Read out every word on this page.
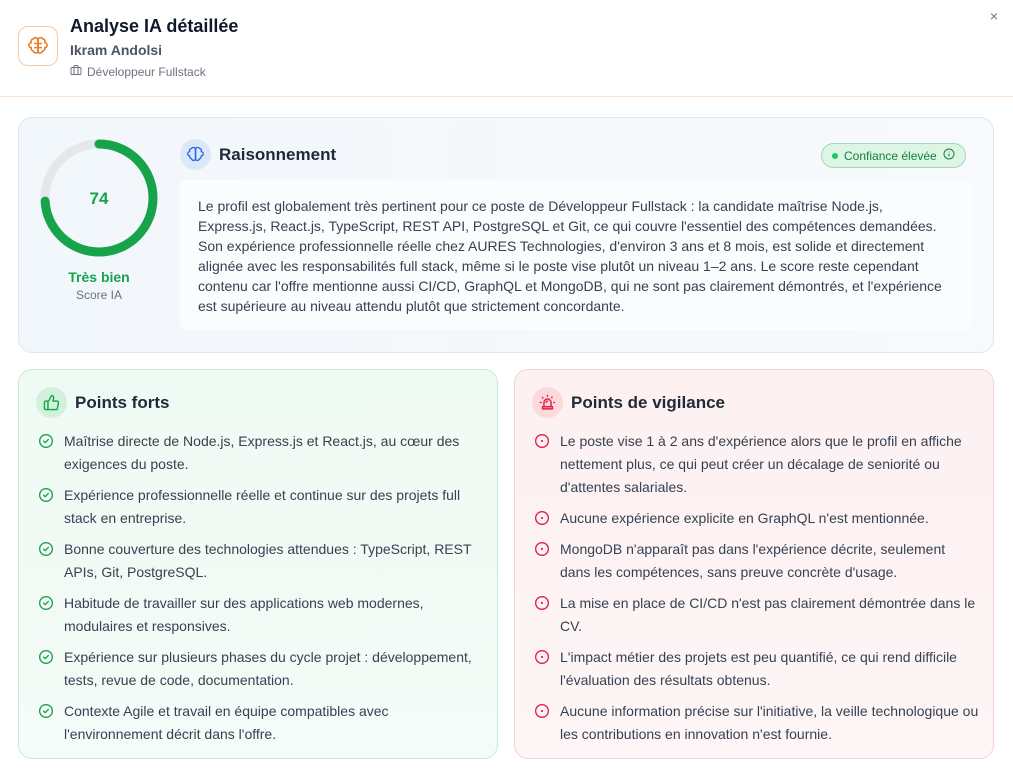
Analyse IA détaillée
Ikram Andolsi
Développeur Fullstack
×
74
Très bien
Score IA
Raisonnement	Confiance élevée
Le profil est globalement très pertinent pour ce poste de Développeur Fullstack : la candidate maîtrise Node.js, Express.js, React.js, TypeScript, REST API, PostgreSQL et Git, ce qui couvre l'essentiel des compétences demandées. Son expérience professionnelle réelle chez AURES Technologies, d'environ 3 ans et 8 mois, est solide et directement alignée avec les responsabilités full stack, même si le poste vise plutôt un niveau 1–2 ans. Le score reste cependant contenu car l'offre mentionne aussi CI/CD, GraphQL et MongoDB, qui ne sont pas clairement démontrés, et l'expérience est supérieure au niveau attendu plutôt que strictement concordante.
Points forts
Maîtrise directe de Node.js, Express.js et React.js, au cœur des exigences du poste.
Expérience professionnelle réelle et continue sur des projets full stack en entreprise.
Bonne couverture des technologies attendues : TypeScript, REST APIs, Git, PostgreSQL.
Habitude de travailler sur des applications web modernes, modulaires et responsives.
Expérience sur plusieurs phases du cycle projet : développement, tests, revue de code, documentation.
Contexte Agile et travail en équipe compatibles avec l'environnement décrit dans l'offre.
Points de vigilance
Le poste vise 1 à 2 ans d'expérience alors que le profil en affiche nettement plus, ce qui peut créer un décalage de seniorité ou d'attentes salariales.
Aucune expérience explicite en GraphQL n'est mentionnée.
MongoDB n'apparaît pas dans l'expérience décrite, seulement dans les compétences, sans preuve concrète d'usage.
La mise en place de CI/CD n'est pas clairement démontrée dans le CV.
L'impact métier des projets est peu quantifié, ce qui rend difficile l'évaluation des résultats obtenus.
Aucune information précise sur l'initiative, la veille technologique ou les contributions en innovation n'est fournie.
